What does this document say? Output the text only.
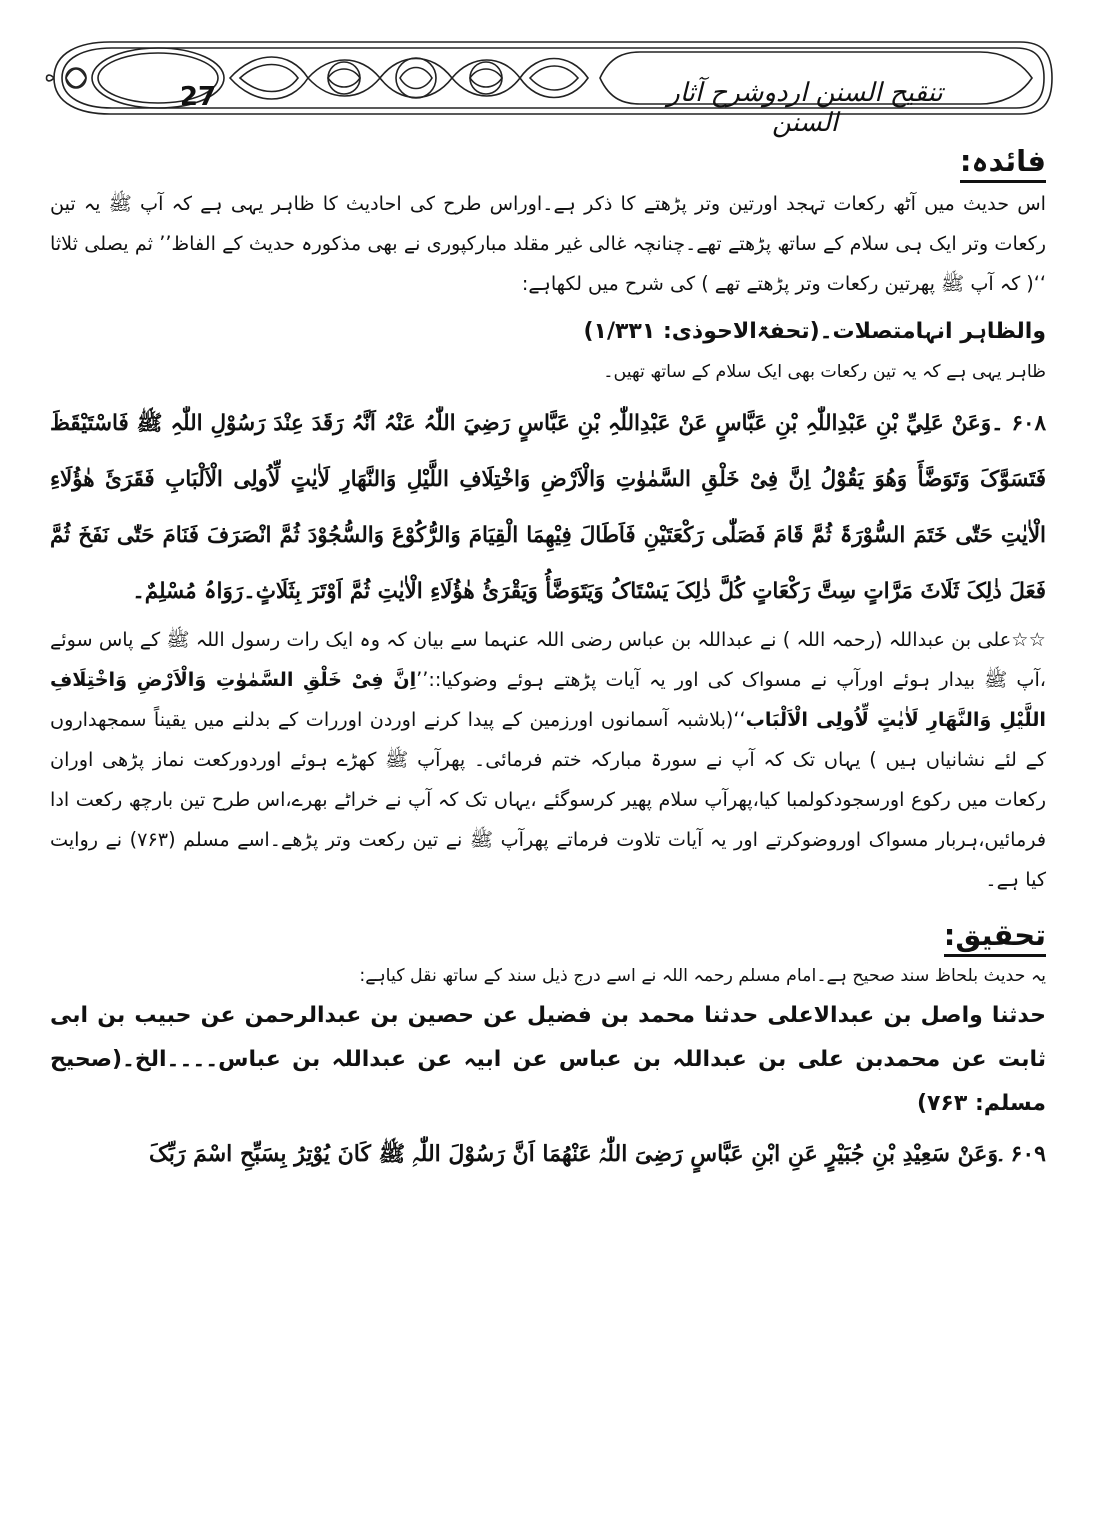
27	تنقیح السنن اردوشرح آثار السنن
فائدہ:

اس حدیث میں آٹھ رکعات تہجد اورتین وتر پڑھتے کا ذکر ہے۔اوراس طرح کی احادیث کا ظاہر یہی ہے کہ آپ ﷺ یہ تین رکعات وتر ایک ہی سلام کے ساتھ پڑھتے تھے۔چنانچہ غالی غیر مقلد مبارکپوری نے بھی مذکورہ حدیث کے الفاظ’’ ثم یصلی ثلاثا ‘‘( کہ آپ ﷺ پھرتین رکعات وتر پڑھتے تھے ) کی شرح میں لکھاہے:

والظاہر انہامتصلات۔(تحفۃالاحوذی: ۱/۳۳۱)

ظاہر یہی ہے کہ یہ تین رکعات بھی ایک سلام کے ساتھ تھیں۔

۶۰۸ ۔وَعَنْ عَلِيِّ بْنِ عَبْدِاللّٰہِ بْنِ عَبَّاسٍ عَنْ عَبْدِاللّٰہِ بْنِ عَبَّاسٍ رَضِيَ اللّٰہُ عَنْہُ اَنَّہُ رَقَدَ عِنْدَ رَسُوْلِ اللّٰہِ ﷺ فَاسْتَیْقَظَ فَتَسَوَّکَ وَتَوَضَّأَ وَھُوَ یَقُوْلُ اِنَّ فِیْ خَلْقِ السَّمٰوٰتِ وَالْاَرْضِ وَاخْتِلَافِ اللَّیْلِ وَالنَّھَارِ لَاٰیٰتٍ لِّاُولِی الْاَلْبَابِ فَقَرَئَ ھٰؤُلَاءِ الْاٰیٰتِ حَتّٰی خَتَمَ السُّوْرَۃَ ثُمَّ قَامَ فَصَلّٰی رَکْعَتَیْنِ فَاَطَالَ فِیْھِمَا الْقِیَامَ وَالرُّکُوْعَ وَالسُّجُوْدَ ثُمَّ انْصَرَفَ فَنَامَ حَتّٰی نَفَخَ ثُمَّ فَعَلَ ذٰلِکَ ثَلَاثَ مَرَّاتٍ سِتَّ رَکْعَاتٍ کُلَّ ذٰلِکَ یَسْتَاکُ وَیَتَوَضَّأُ وَیَقْرَئُ ھٰؤُلَاءِ الْاٰیٰتِ ثُمَّ اَوْتَرَ بِثَلَاثٍ۔رَوَاہُ مُسْلِمٌ۔

☆☆علی بن عبداللہ (رحمہ اللہ ) نے عبداللہ بن عباس رضی اللہ عنہما سے بیان کہ وہ ایک رات رسول اللہ ﷺ کے پاس سوئے ،آپ ﷺ بیدار ہوئے اورآپ نے مسواک کی اور یہ آیات پڑھتے ہوئے وضوکیا::’’اِنَّ فِیْ خَلْقِ السَّمٰوٰتِ وَالْاَرْضِ وَاخْتِلَافِ اللَّیْلِ وَالنَّھَارِ لَاٰیٰتٍ لِّاُولِی الْاَلْبَاب‘‘(بلاشبہ آسمانوں اورزمین کے پیدا کرنے اوردن اوررات کے بدلنے میں یقیناً سمجھداروں کے لئے نشانیاں ہیں ) یہاں تک کہ آپ نے سورۃ مبارکہ ختم فرمائی۔ پھرآپ ﷺ کھڑے ہوئے اوردورکعت نماز پڑھی اوران رکعات میں رکوع اورسجودکولمبا کیا،پھرآپ سلام پھیر کرسوگئے ،یہاں تک کہ آپ نے خراٹے بھرے،اس طرح تین بارچھ رکعت ادا فرمائیں،ہربار مسواک اوروضوکرتے اور یہ آیات تلاوت فرماتے پھرآپ ﷺ نے تین رکعت وتر پڑھے۔اسے مسلم (۷۶۳) نے روایت کیا ہے۔

تحقیق:

یہ حدیث بلحاظ سند صحیح ہے۔امام مسلم رحمہ اللہ نے اسے درج ذیل سند کے ساتھ نقل کیاہے:

حدثنا واصل بن عبدالاعلی حدثنا محمد بن فضیل عن حصین بن عبدالرحمن عن حبیب بن ابی ثابت عن محمدبن علی بن عبداللہ بن عباس عن ابیہ عن عبداللہ بن عباس۔۔۔۔الخ۔(صحیح مسلم: ۷۶۳)

۶۰۹ ۔وَعَنْ سَعِیْدِ بْنِ جُبَیْرٍ عَنِ ابْنِ عَبَّاسٍ رَضِیَ اللّٰہُ عَنْھُمَا اَنَّ رَسُوْلَ اللّٰہِ ﷺ کَانَ یُوْتِرُ بِسَبِّحِ اسْمَ رَبِّکَ
